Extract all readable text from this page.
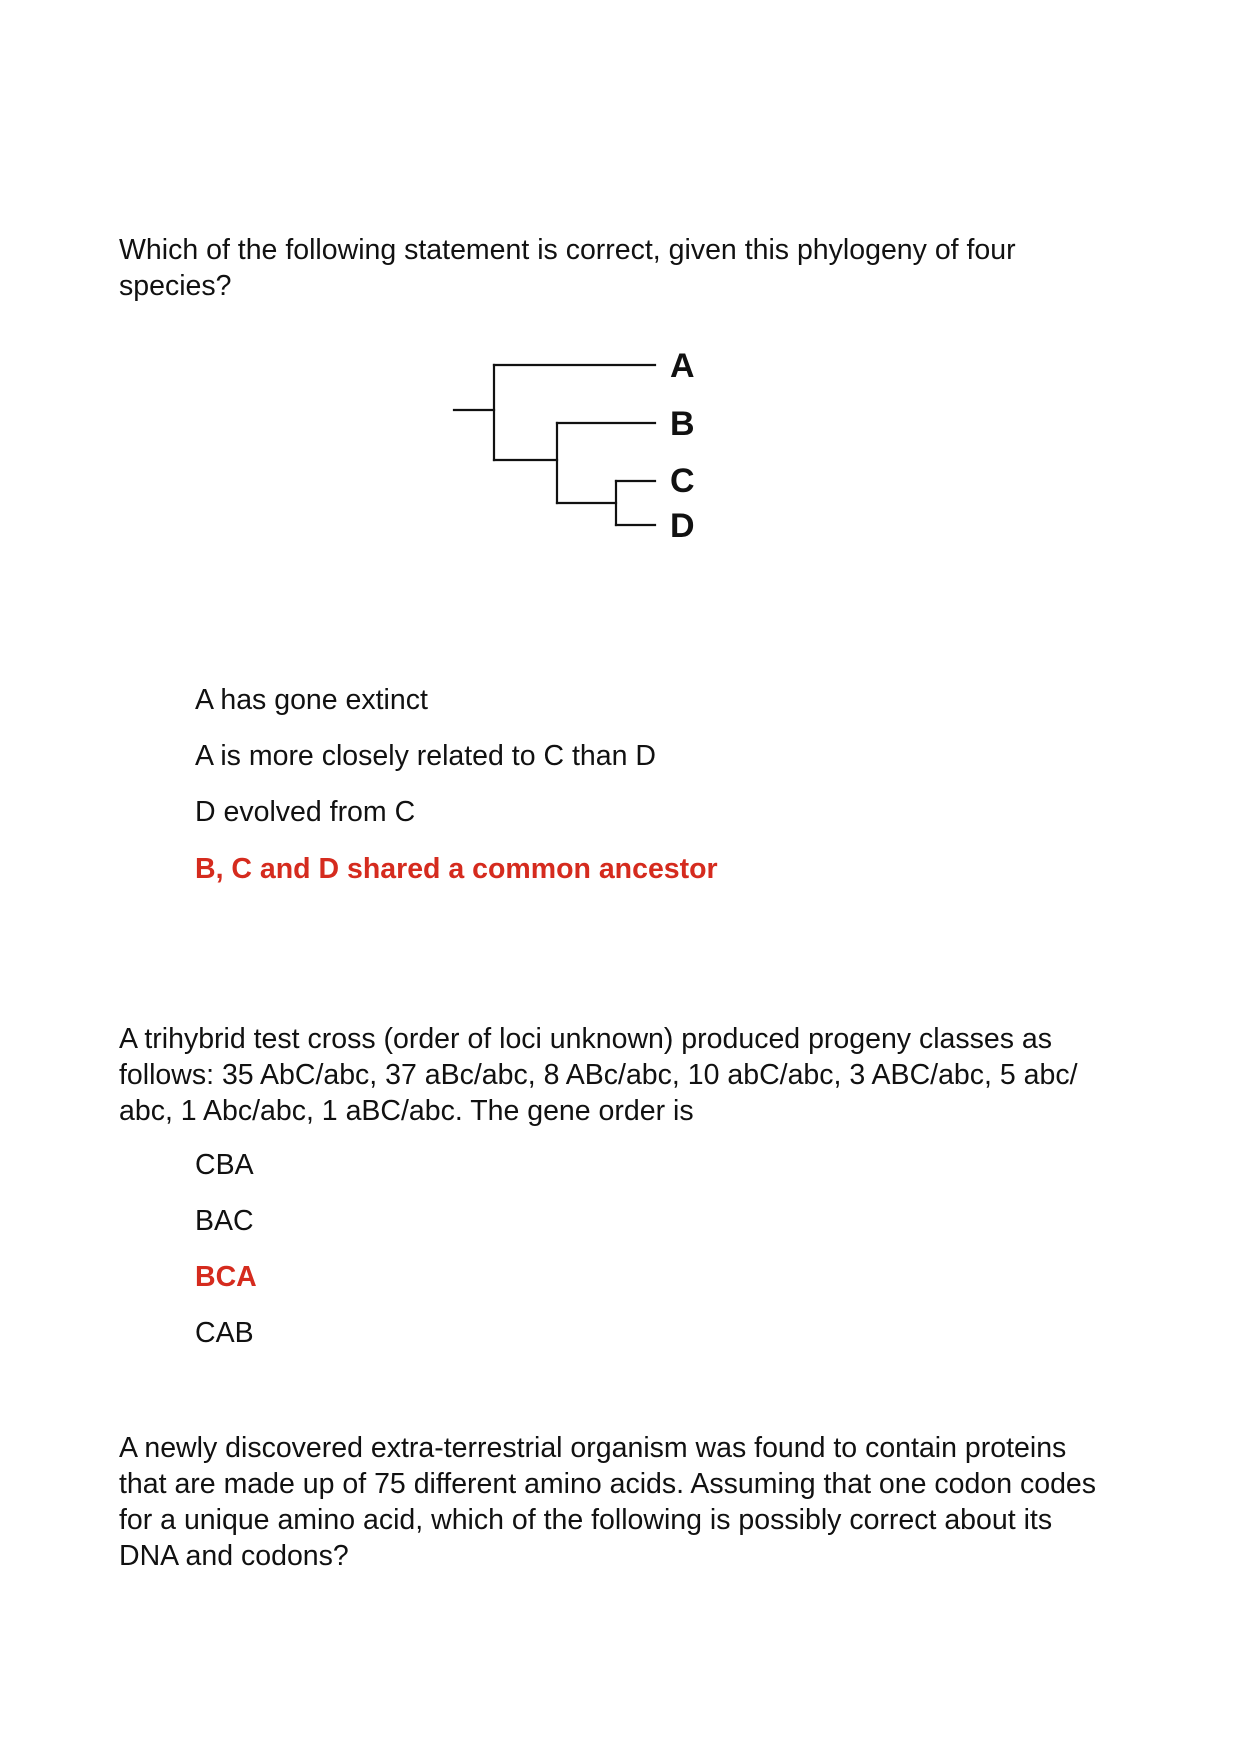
Which of the following statement is correct, given this phylogeny of four
species?
A
B
C
D
A has gone extinct
A is more closely related to C than D
D evolved from C
B, C and D shared a common ancestor
A trihybrid test cross (order of loci unknown) produced progeny classes as
follows: 35 AbC/abc, 37 aBc/abc, 8 ABc/abc, 10 abC/abc, 3 ABC/abc, 5 abc/
abc, 1 Abc/abc, 1 aBC/abc. The gene order is
CBA
BAC
BCA
CAB
A newly discovered extra-terrestrial organism was found to contain proteins
that are made up of 75 different amino acids. Assuming that one codon codes
for a unique amino acid, which of the following is possibly correct about its
DNA and codons?
